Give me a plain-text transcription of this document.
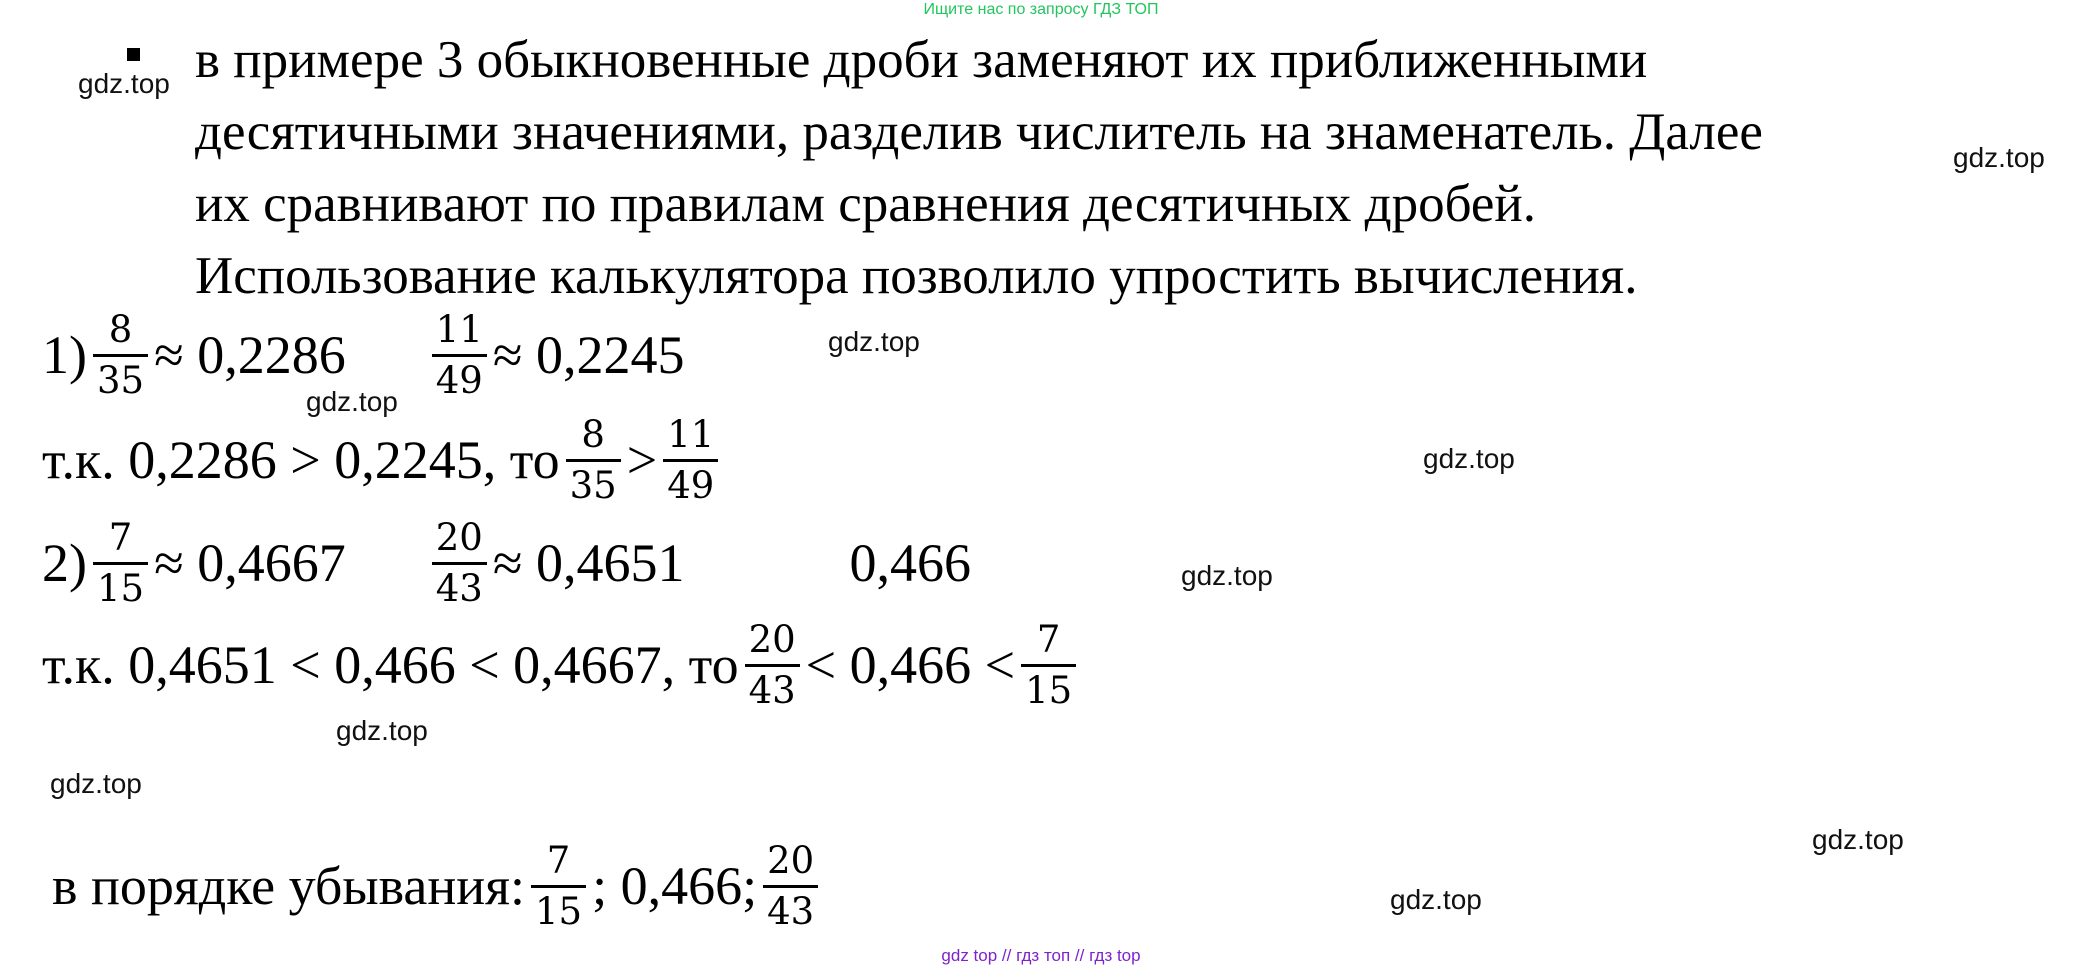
Ищите нас по запросу ГДЗ ТОП
gdz top // гдз топ // гдз top
gdz.top
gdz.top
gdz.top
gdz.top
gdz.top
gdz.top
gdz.top
gdz.top
gdz.top
gdz.top
в примере 3 обыкновенные дроби заменяют их приближенными
десятичными значениями, разделив числитель на знаменатель. Далее
их сравнивают по правилам сравнения десятичных дробей.
Использование калькулятора позволило упростить вычисления.
$1) \frac{8}{35} \approx 0,2286 \frac{11}{49} \approx 0,2245$
т.к. 0,2286 > 0,2245, то $\frac{8}{35} > \frac{11}{49}$
$2) \frac{7}{15} \approx 0,4667 \frac{20}{43} \approx 0,4651$	0,466
т.к. 0,4651 < 0,466 < 0,4667, то $\frac{20}{43} < 0,466 < \frac{7}{15}$
в порядке убывания: $\frac{7}{15}$ ; 0,466; $\frac{20}{43}$
